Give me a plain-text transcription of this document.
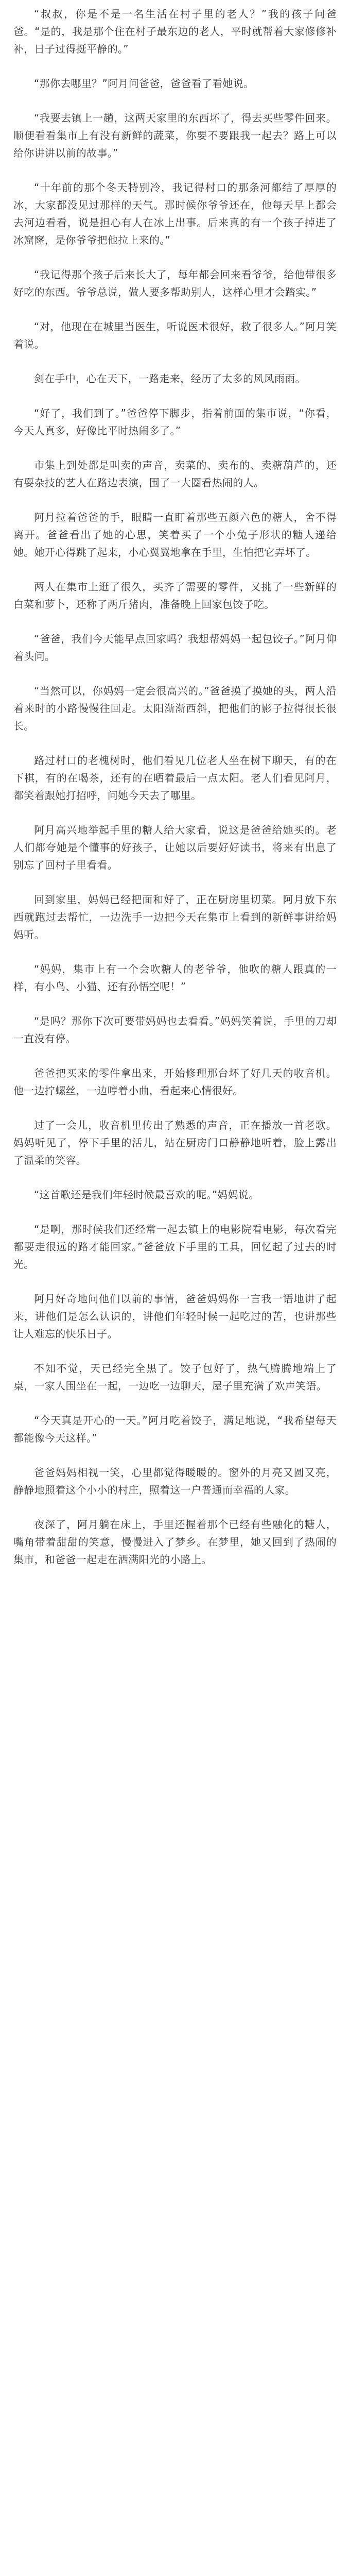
“叔叔，你是不是一名生活在村子里的老人？”我的孩子问爸爸。“是的，我是那个住在村子最东边的老人，平时就帮着大家修修补补，日子过得挺平静的。”

“那你去哪里？”阿月问爸爸，爸爸看了看她说。

“我要去镇上一趟，这两天家里的东西坏了，得去买些零件回来。顺便看看集市上有没有新鲜的蔬菜，你要不要跟我一起去？路上可以给你讲讲以前的故事。”

“十年前的那个冬天特别冷，我记得村口的那条河都结了厚厚的冰，大家都没见过那样的天气。那时候你爷爷还在，他每天早上都会去河边看看，说是担心有人在冰上出事。后来真的有一个孩子掉进了冰窟窿，是你爷爷把他拉上来的。”

“我记得那个孩子后来长大了，每年都会回来看爷爷，给他带很多好吃的东西。爷爷总说，做人要多帮助别人，这样心里才会踏实。”

“对，他现在在城里当医生，听说医术很好，救了很多人。”阿月笑着说。

剑在手中，心在天下，一路走来，经历了太多的风风雨雨。

“好了，我们到了。”爸爸停下脚步，指着前面的集市说，“你看，今天人真多，好像比平时热闹多了。”

市集上到处都是叫卖的声音，卖菜的、卖布的、卖糖葫芦的，还有耍杂技的艺人在路边表演，围了一大圈看热闹的人。

阿月拉着爸爸的手，眼睛一直盯着那些五颜六色的糖人，舍不得离开。爸爸看出了她的心思，笑着买了一个小兔子形状的糖人递给她。她开心得跳了起来，小心翼翼地拿在手里，生怕把它弄坏了。

两人在集市上逛了很久，买齐了需要的零件，又挑了一些新鲜的白菜和萝卜，还称了两斤猪肉，准备晚上回家包饺子吃。

“爸爸，我们今天能早点回家吗？我想帮妈妈一起包饺子。”阿月仰着头问。

“当然可以，你妈妈一定会很高兴的。”爸爸摸了摸她的头，两人沿着来时的小路慢慢往回走。太阳渐渐西斜，把他们的影子拉得很长很长。

路过村口的老槐树时，他们看见几位老人坐在树下聊天，有的在下棋，有的在喝茶，还有的在晒着最后一点太阳。老人们看见阿月，都笑着跟她打招呼，问她今天去了哪里。

阿月高兴地举起手里的糖人给大家看，说这是爸爸给她买的。老人们都夸她是个懂事的好孩子，让她以后要好好读书，将来有出息了别忘了回村子里看看。

回到家里，妈妈已经把面和好了，正在厨房里切菜。阿月放下东西就跑过去帮忙，一边洗手一边把今天在集市上看到的新鲜事讲给妈妈听。

“妈妈，集市上有一个会吹糖人的老爷爷，他吹的糖人跟真的一样，有小鸟、小猫、还有孙悟空呢！”

“是吗？那你下次可要带妈妈也去看看。”妈妈笑着说，手里的刀却一直没有停。

爸爸把买来的零件拿出来，开始修理那台坏了好几天的收音机。他一边拧螺丝，一边哼着小曲，看起来心情很好。

过了一会儿，收音机里传出了熟悉的声音，正在播放一首老歌。妈妈听见了，停下手里的活儿，站在厨房门口静静地听着，脸上露出了温柔的笑容。

“这首歌还是我们年轻时候最喜欢的呢。”妈妈说。

“是啊，那时候我们还经常一起去镇上的电影院看电影，每次看完都要走很远的路才能回家。”爸爸放下手里的工具，回忆起了过去的时光。

阿月好奇地问他们以前的事情，爸爸妈妈你一言我一语地讲了起来，讲他们是怎么认识的，讲他们年轻时候一起吃过的苦，也讲那些让人难忘的快乐日子。

不知不觉，天已经完全黑了。饺子包好了，热气腾腾地端上了桌，一家人围坐在一起，一边吃一边聊天，屋子里充满了欢声笑语。

“今天真是开心的一天。”阿月吃着饺子，满足地说，“我希望每天都能像今天这样。”

爸爸妈妈相视一笑，心里都觉得暖暖的。窗外的月亮又圆又亮，静静地照着这个小小的村庄，照着这一户普通而幸福的人家。

夜深了，阿月躺在床上，手里还握着那个已经有些融化的糖人，嘴角带着甜甜的笑意，慢慢进入了梦乡。在梦里，她又回到了热闹的集市，和爸爸一起走在洒满阳光的小路上。
